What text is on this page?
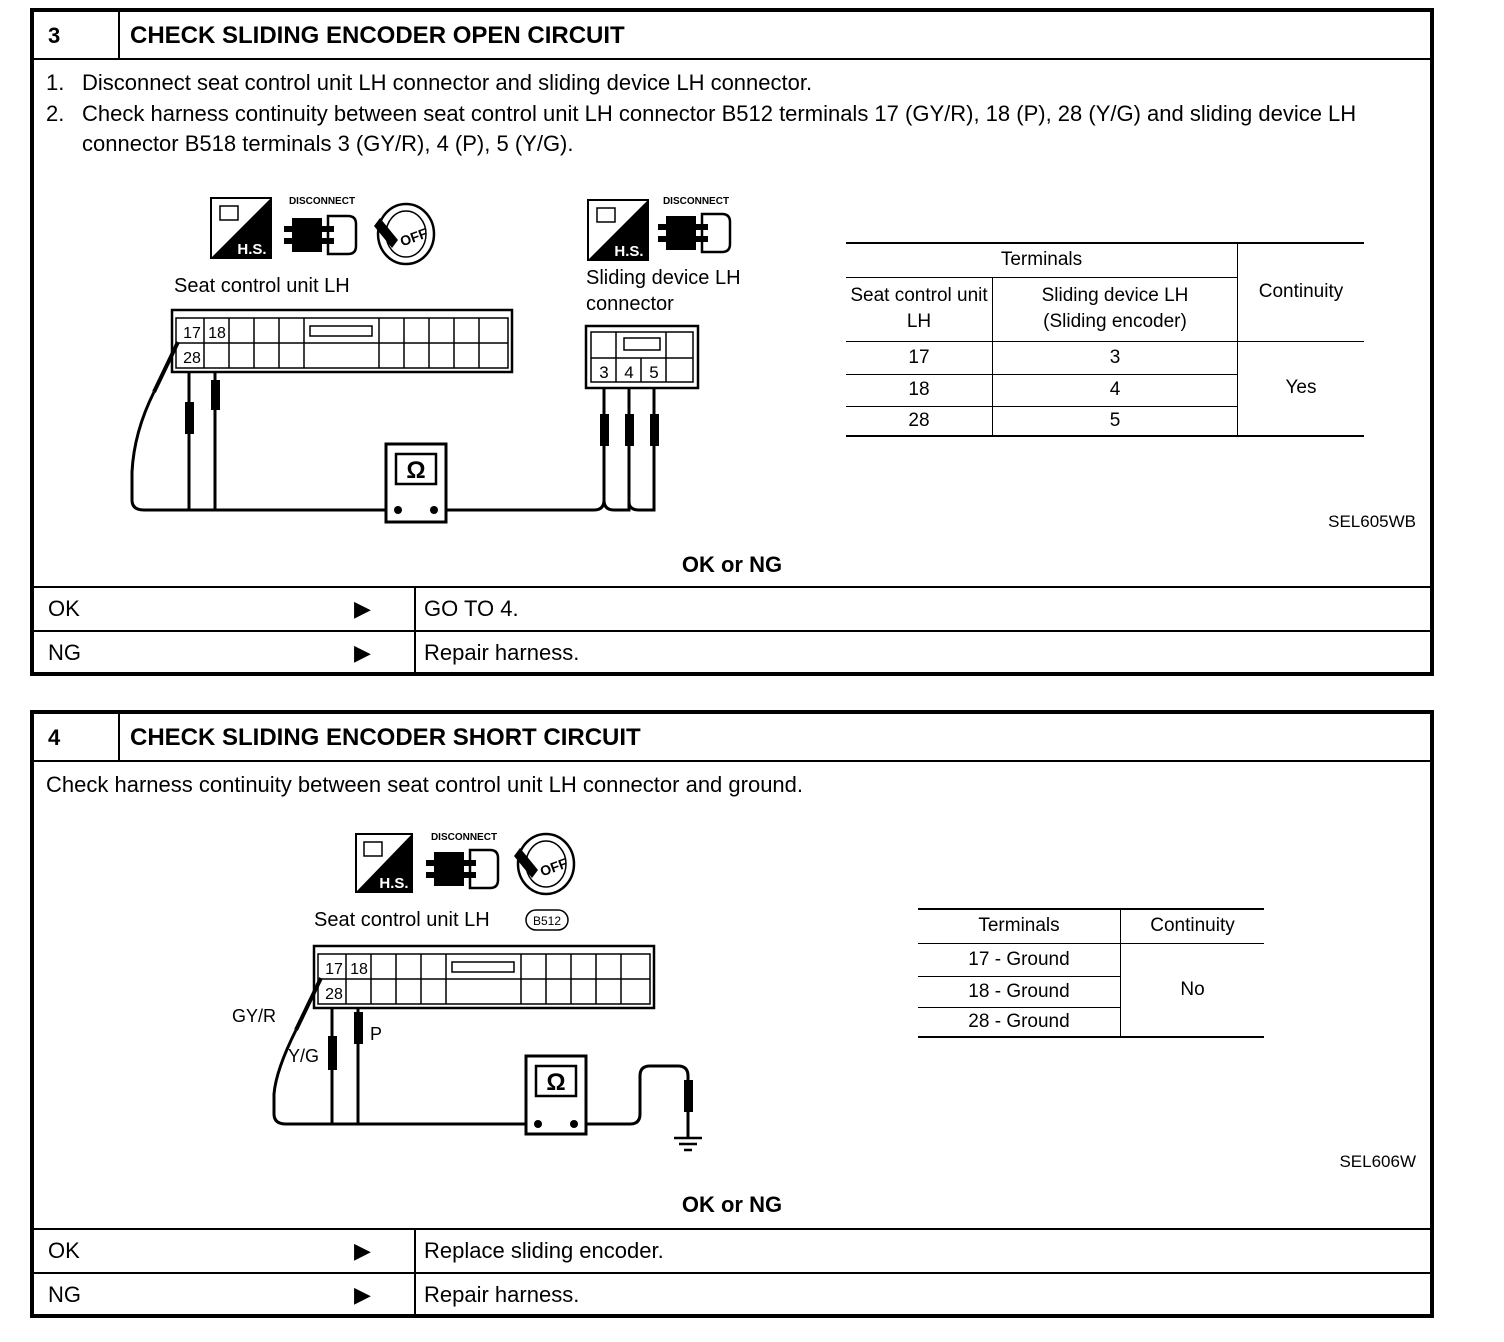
3	CHECK SLIDING ENCODER OPEN CIRCUIT
1. Disconnect seat control unit LH connector and sliding device LH connector.
2. Check harness continuity between seat control unit LH connector B512 terminals 17 (GY/R), 18 (P), 28 (Y/G) and sliding device LH connector B518 terminals 3 (GY/R), 4 (P), 5 (Y/G).
H.S.
DISCONNECT
OFF
Seat control unit LH
17 18
28
H.S.
DISCONNECT
Sliding device LH
connector
3 4 5
Ω
Terminals		Continuity
Seat control unit LH	Sliding device LH (Sliding encoder)	
17	3	Yes
18	4	
28	5	
SEL605WB
OK or NG
OK	▶ GO TO 4.
NG	▶ Repair harness.
4	CHECK SLIDING ENCODER SHORT CIRCUIT
Check harness continuity between seat control unit LH connector and ground.
H.S.
DISCONNECT
OFF
Seat control unit LH	B512
17 18
28
GY/R
Y/G
P
Ω
Terminals	Continuity
17 - Ground	No
18 - Ground	
28 - Ground	
SEL606W
OK or NG
OK	▶ Replace sliding encoder.
NG	▶ Repair harness.
